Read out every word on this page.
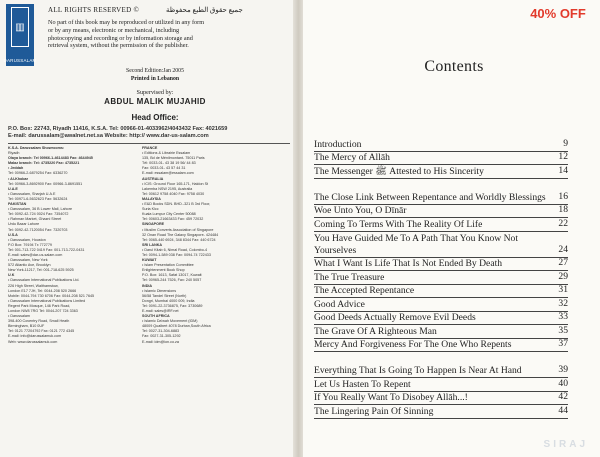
▥
DARUSSALAM
ALL RIGHTS RESERVED ©	جميع حقوق الطبع محفوظة
No part of this book may be reproduced or utilized in any form
or by any means, electronic or mechanical, including
photocopying and recording or by information storage and
retrieval system, without the permission of the publisher.
Second Edition:Jan 2005
Printed in Lebanon
Supervised by:
ABDUL MALIK MUJAHID
Head Office:
P.O. Box: 22743, Riyadh 11416, K.S.A. Tel: 00966-01-4033962/4043432 Fax: 4021659
E-mail: darussalam@awalnet.net.sa Website: http:// www.dar-us-salam.com
K.S.A. Darussalam Showrooms:
Riyadh
Olaya branch: Tel 00966-1-4614483 Fax: 4644945
Malaz branch: Tel: 4735220 Fax: 4735221
• Jeddah
Tel: 00966-2-6879254 Fax: 6336270
• Al-Khobar
Tel: 00966-3-8692900 Fax: 00966-3-8691551
U.A.E
• Darussalam, Sharjah U.A.E
Tel: 00971-6-5632623 Fax: 5632624
PAKISTAN
• Darussalam, 36 B Lower Mall, Lahore
Tel: 0092-42-724 0024 Fax: 7354072
• Rahman Market, Ghazni Street
Urdu Bazar Lahore
Tel: 0092-42-7120054 Fax: 7320703
U.S.A
• Darussalam, Houston
P.O Box: 79194 Tx 772779
Tel: 001-713-722 0419 Fax: 001-713-722-0431
E-mail: sales@dar-us-salam.com
• Darussalam, New York
572 Atlantic Ave, Brooklyn
New York-11217, Tel: 001-718-625 5925
U.K
• Darussalam International Publications Ltd.
226 High Street, Walthamstow,
London E17 7JH, Tel: 0044-208 520 2666
Mobile: 0044-794 730 6706 Fax: 0044-208 521 7645
• Darussalam International Publications Limited
Regent Park Mosque, 146 Park Road,
London NW8 7RG Tel: 0044-207 724 3363
• Darussalam
398-400 Coventry Road, Small Heath
Birmingham, B10 0UF
Tel: 0121 77204792 Fax: 0121 772 4345
E-mail: info@darussalamuk.com
Web: www.darussalamuk.com
FRANCE
• Editions & Librairie Essalam
135, Bd de Ménilmontant- 75011 Paris
Tél: 0033-01- 43 38 19 56/ 44 83
Fax: 0033-01- 43 57 44 31
E-mail: essalam@essalam.com
AUSTRALIA
• ICIS: Ground Floor 165-171, Haldon St
Lakemba NSW 2195, Australia
Tel: 00612 9758 4040 Fax: 9758 4030
MALAYSIA
• E&D Books SDN. BHD.-321 B 3rd Floor,
Suria Klcc
Kuala Lumpur City Center 50088
Tel: 00603-21663433 Fax: 459 72032
SINGAPORE
• Muslim Converts Association of Singapore
32 Onan Road The Galaxy Singapore- 424484
Tel: 0065-440 6924, 348 8344 Fax: 440 6724
SRI LANKA
• Darul Kitab 6, Nimal Road, Colombo-4
Tel: 0094-1-589 038 Fax: 0094-74 722433
KUWAIT
• Islam Presentation Committee
Enlightenment Book Shop
P.O. Box: 1613, Safat 13017, Kuwait
Tel: 00965-244 7526, Fax: 240 5057
INDIA
• Islamic Dimensions
56/58 Tandel Street (North)
Dongri, Mumbai 4000 009, India
Tel: 0091-22-3736875, Fax: 3730689
E-mail: sales@IRF.net
SOUTH AFRICA
• Islamic Da'wah Movement (IDM)
48009 Qualbert 4078 Durban,South Africa
Tel: 0027-31-304-6883
Fax: 0027-31-305-1292
E-mail: idm@ion.co.za
40% OFF
Contents
Introduction	9
The Mercy of Allāh	12
The Messenger ﷺ Attested to His Sincerity	14
The Close Link Between Repentance and Worldly Blessings	16
Woe Unto You, O Dīnār	18
Coming To Terms With The Reality Of Life	22
You Have Guided Me To A Path That You Know Not Yourselves	24
What I Want Is Life That Is Not Ended By Death	27
The True Treasure	29
The Accepted Repentance	31
Good Advice	32
Good Deeds Actually Remove Evil Deeds	33
The Grave Of A Righteous Man	35
Mercy And Forgiveness For The One Who Repents	37
Everything That Is Going To Happen Is Near At Hand	39
Let Us Hasten To Repent	40
If You Really Want To Disobey Allāh...!	42
The Lingering Pain Of Sinning	44
SIRAJ
